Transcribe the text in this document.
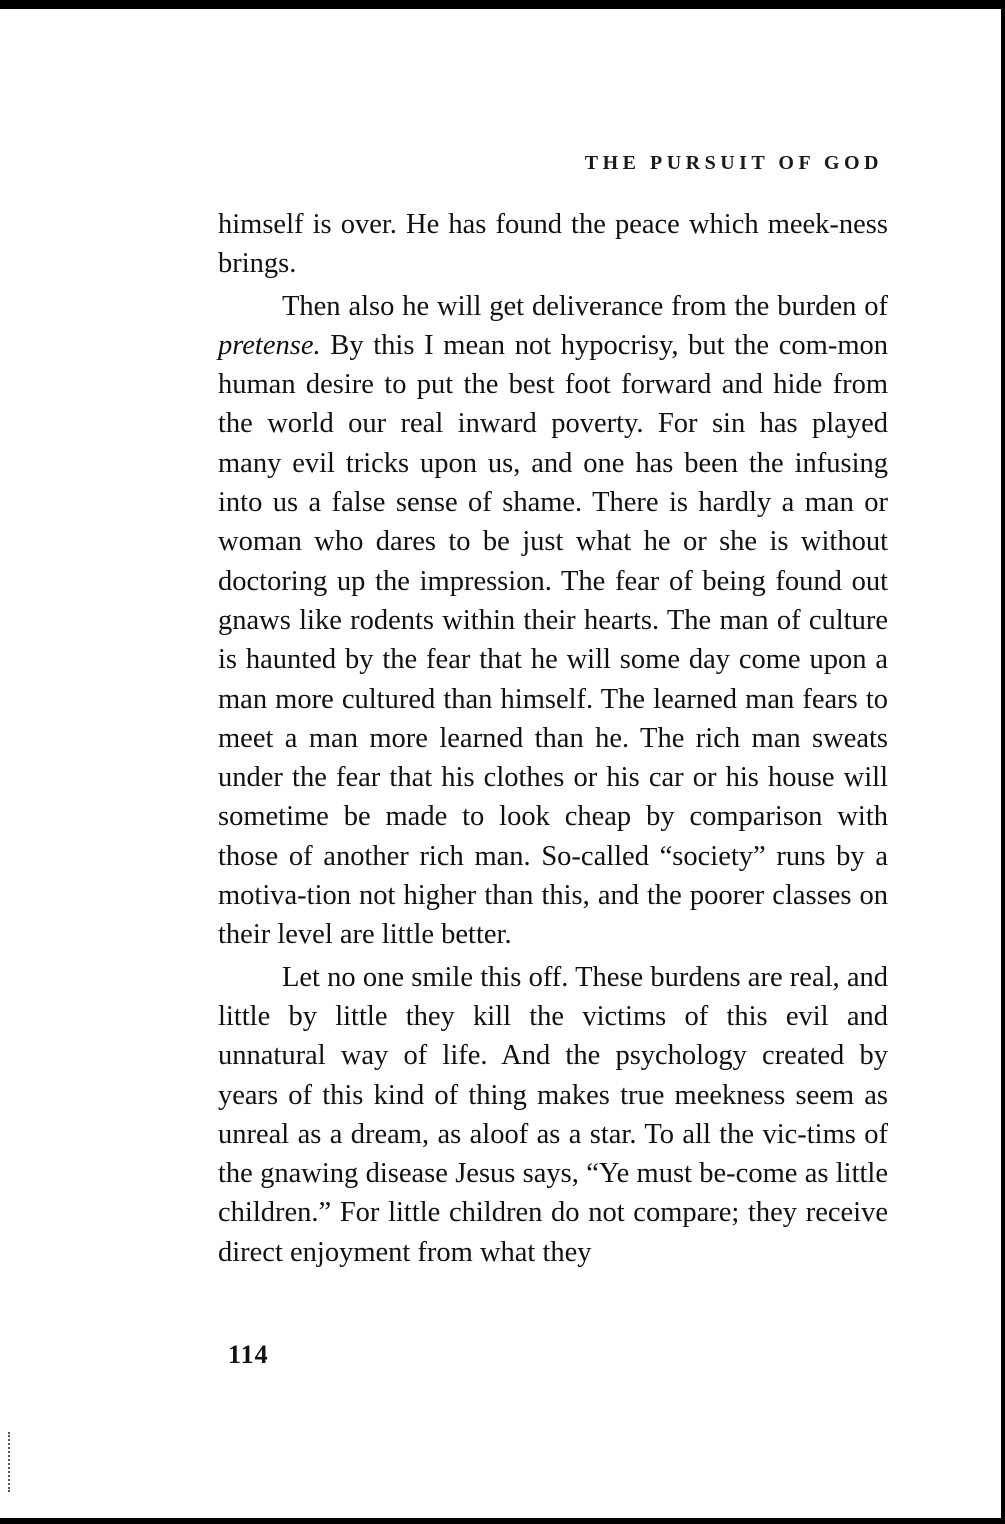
THE PURSUIT OF GOD

himself is over. He has found the peace which meek-ness brings.

Then also he will get deliverance from the burden of pretense. By this I mean not hypocrisy, but the com-mon human desire to put the best foot forward and hide from the world our real inward poverty. For sin has played many evil tricks upon us, and one has been the infusing into us a false sense of shame. There is hardly a man or woman who dares to be just what he or she is without doctoring up the impression. The fear of being found out gnaws like rodents within their hearts. The man of culture is haunted by the fear that he will some day come upon a man more cultured than himself. The learned man fears to meet a man more learned than he. The rich man sweats under the fear that his clothes or his car or his house will sometime be made to look cheap by comparison with those of another rich man. So-called “society” runs by a motiva-tion not higher than this, and the poorer classes on their level are little better.

Let no one smile this off. These burdens are real, and little by little they kill the victims of this evil and unnatural way of life. And the psychology created by years of this kind of thing makes true meekness seem as unreal as a dream, as aloof as a star. To all the vic-tims of the gnawing disease Jesus says, “Ye must be-come as little children.” For little children do not compare; they receive direct enjoyment from what they

114
